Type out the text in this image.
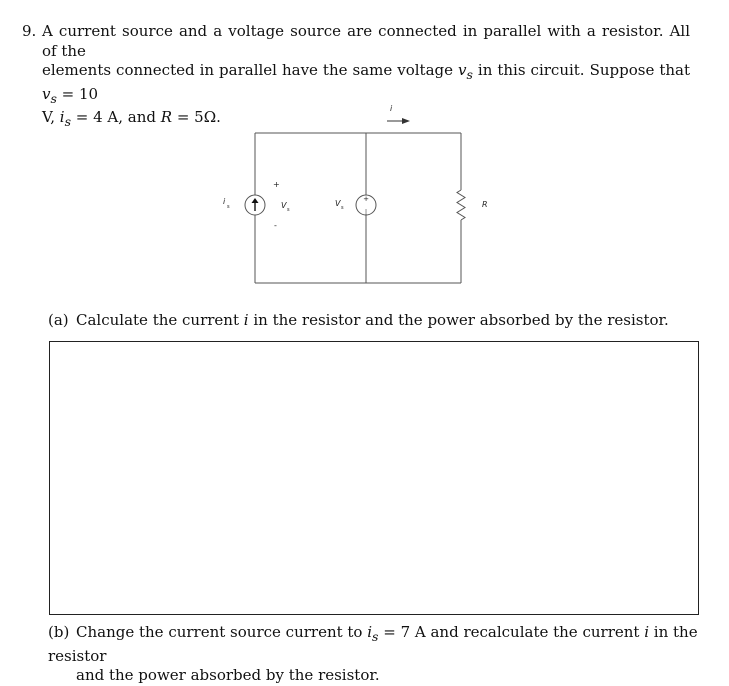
9. A current source and a voltage source are connected in parallel with a resistor. All of the
elements connected in parallel have the same voltage $v_s$ in this circuit. Suppose that $v_s = 10$
V, $i_s = 4$ A, and R = 5Ω.
+
|
i
i
s
+
V s
-
V s	R
(a) Calculate the current i in the resistor and the power absorbed by the resistor.
(b) Change the current source current to $i_s = 7$ A and recalculate the current i in the resistor
and the power absorbed by the resistor.
